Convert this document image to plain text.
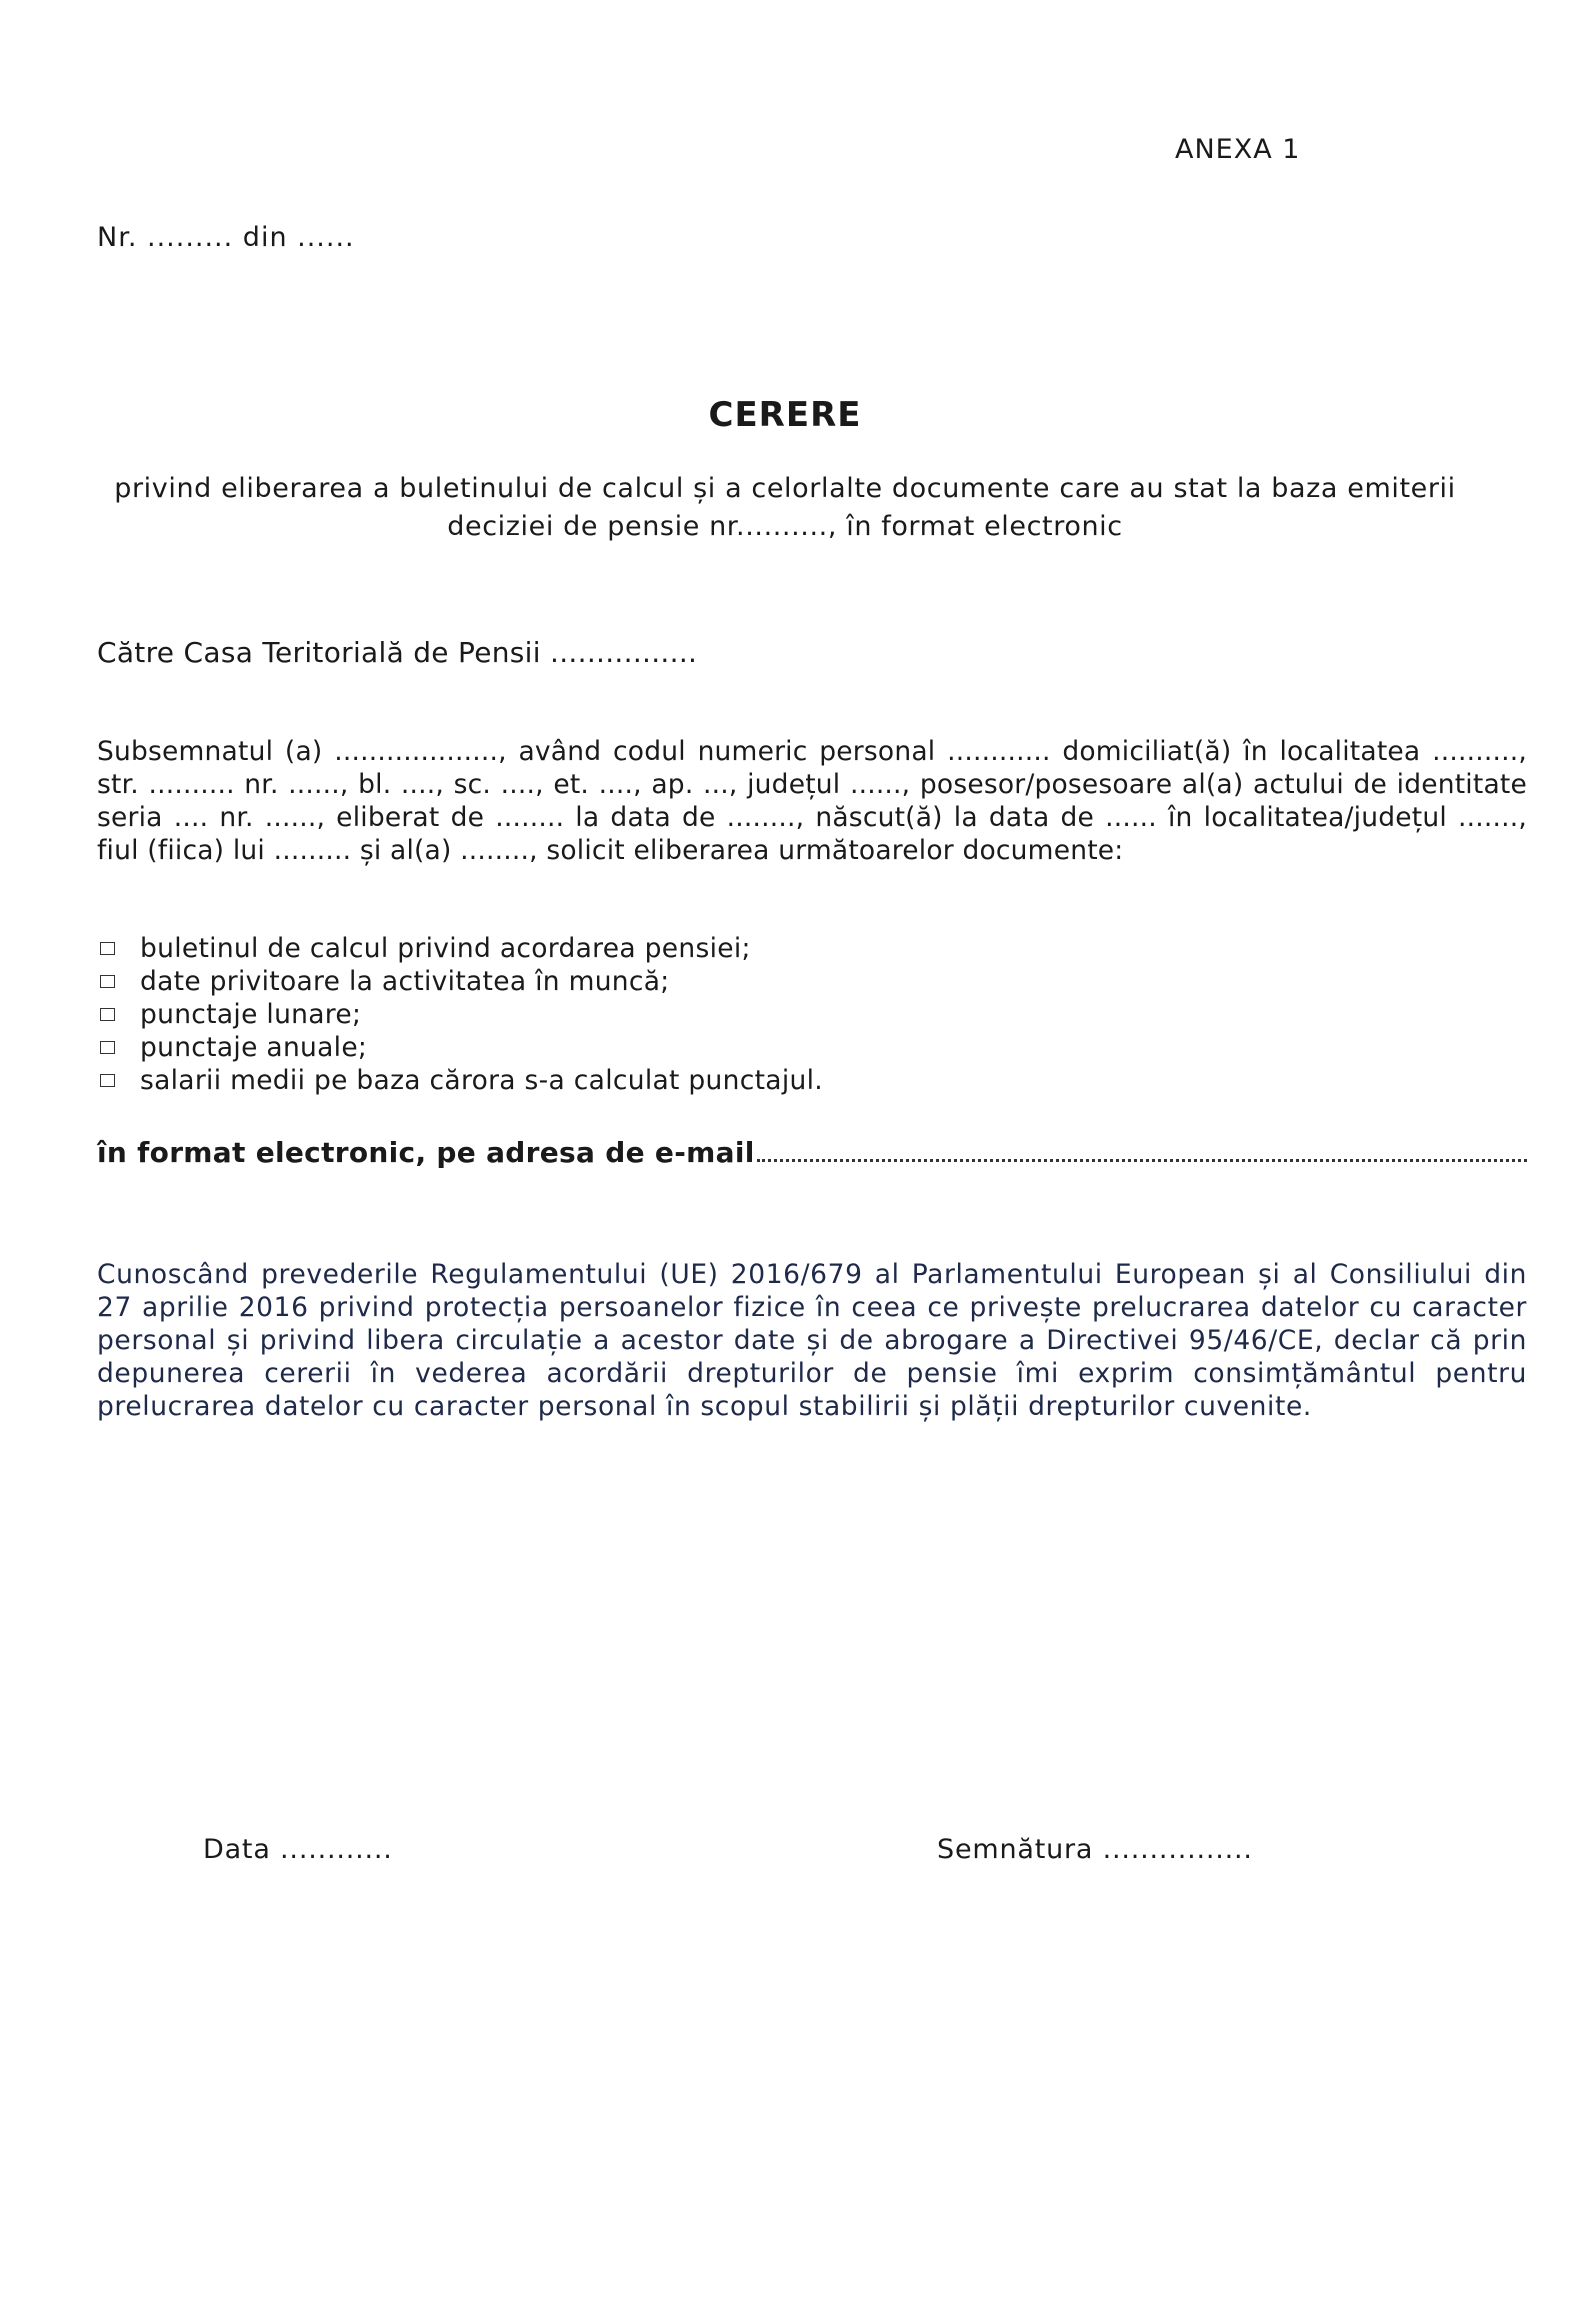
ANEXA 1
Nr. ......... din ......
CERERE
privind eliberarea a buletinului de calcul și a celorlalte documente care au stat la baza emiterii deciziei de pensie nr.........., în format electronic
Către Casa Teritorială de Pensii ................
Subsemnatul (a) ..................., având codul numeric personal ............ domiciliat(ă) în localitatea .........., str. .......... nr. ......, bl. ...., sc. ...., et. ...., ap. ..., județul ......, posesor/posesoare al(a) actului de identitate seria .... nr. ......, eliberat de ........ la data de ........, născut(ă) la data de ...... în localitatea/județul ......., fiul (fiica) lui ......... și al(a) ........, solicit eliberarea următoarelor documente:
buletinul de calcul privind acordarea pensiei;
date privitoare la activitatea în muncă;
punctaje lunare;
punctaje anuale;
salarii medii pe baza cărora s-a calculat punctajul.
în format electronic, pe adresa de e-mail
Cunoscând prevederile Regulamentului (UE) 2016/679 al Parlamentului European și al Consiliului din 27 aprilie 2016 privind protecția persoanelor fizice în ceea ce privește prelucrarea datelor cu caracter personal și privind libera circulație a acestor date și de abrogare a Directivei 95/46/CE, declar că prin depunerea cererii în vederea acordării drepturilor de pensie îmi exprim consimțământul pentru prelucrarea datelor cu caracter personal în scopul stabilirii și plății drepturilor cuvenite.
Data ............	Semnătura ................
